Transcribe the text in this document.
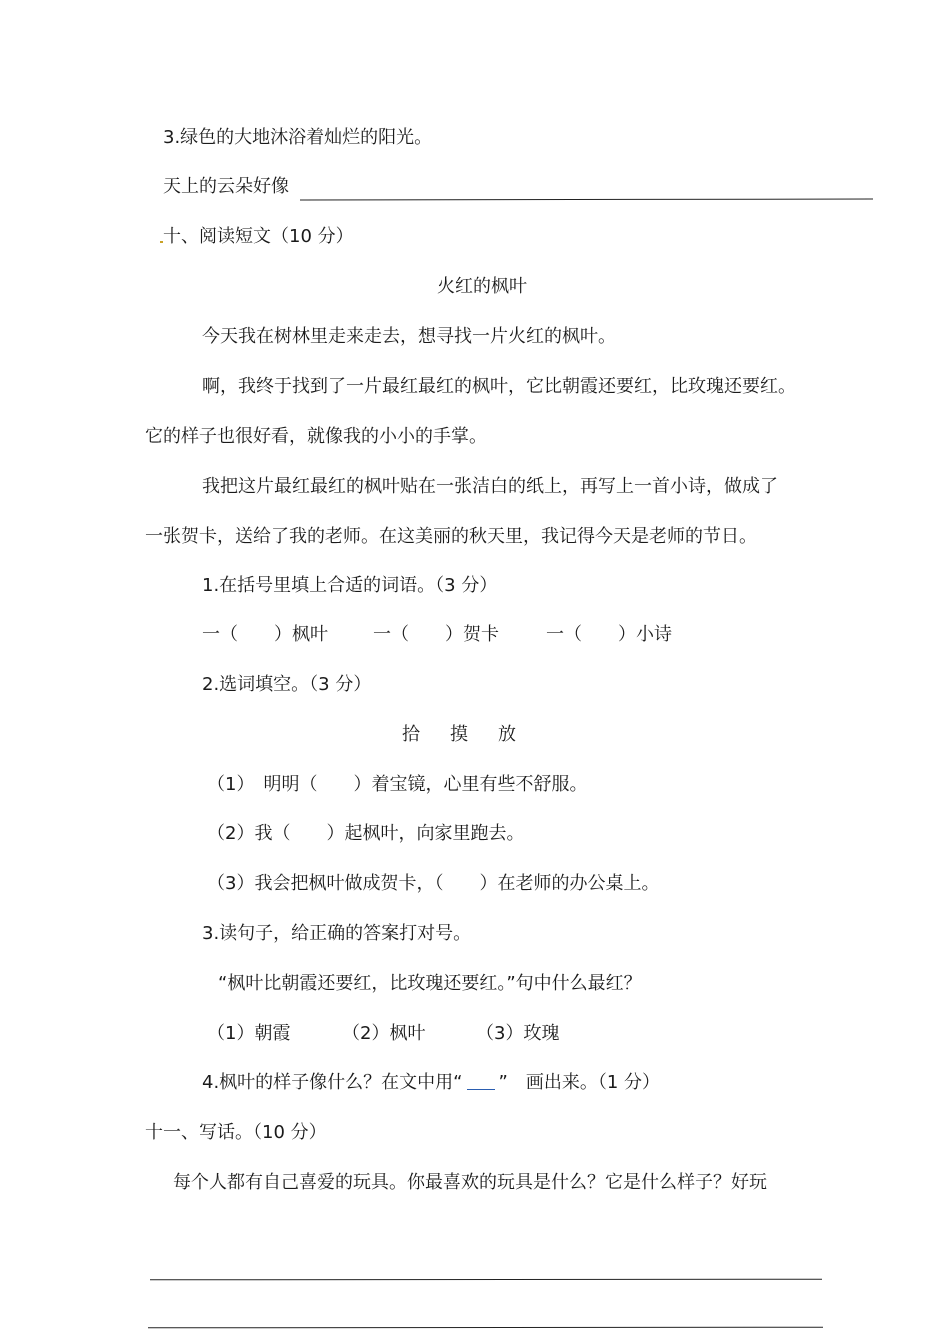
3.绿色的大地沐浴着灿烂的阳光。
天上的云朵好像
十、阅读短文（10 分）
火红的枫叶
今天我在树林里走来走去，想寻找一片火红的枫叶。
啊，我终于找到了一片最红最红的枫叶，它比朝霞还要红，比玫瑰还要红。
它的样子也很好看，就像我的小小的手掌。
我把这片最红最红的枫叶贴在一张洁白的纸上，再写上一首小诗，做成了
一张贺卡，送给了我的老师。在这美丽的秋天里，我记得今天是老师的节日。
1.在括号里填上合适的词语。（3 分）
一（　　）枫叶	一（　　）贺卡	一（　　）小诗
2.选词填空。（3 分）
拾 摸 放
（1）　明明（　　）着宝镜，心里有些不舒服。
（2）我（　　）起枫叶，向家里跑去。
（3）我会把枫叶做成贺卡，（　　）在老师的办公桌上。
3.读句子，给正确的答案打对号。
“枫叶比朝霞还要红，比玫瑰还要红。”句中什么最红？
（1）朝霞	（2）枫叶	（3）玫瑰
4.枫叶的样子像什么？在文中用“ ”　画出来。（1 分）
十一、写话。（10 分）
每个人都有自己喜爱的玩具。你最喜欢的玩具是什么？它是什么样子？好玩
